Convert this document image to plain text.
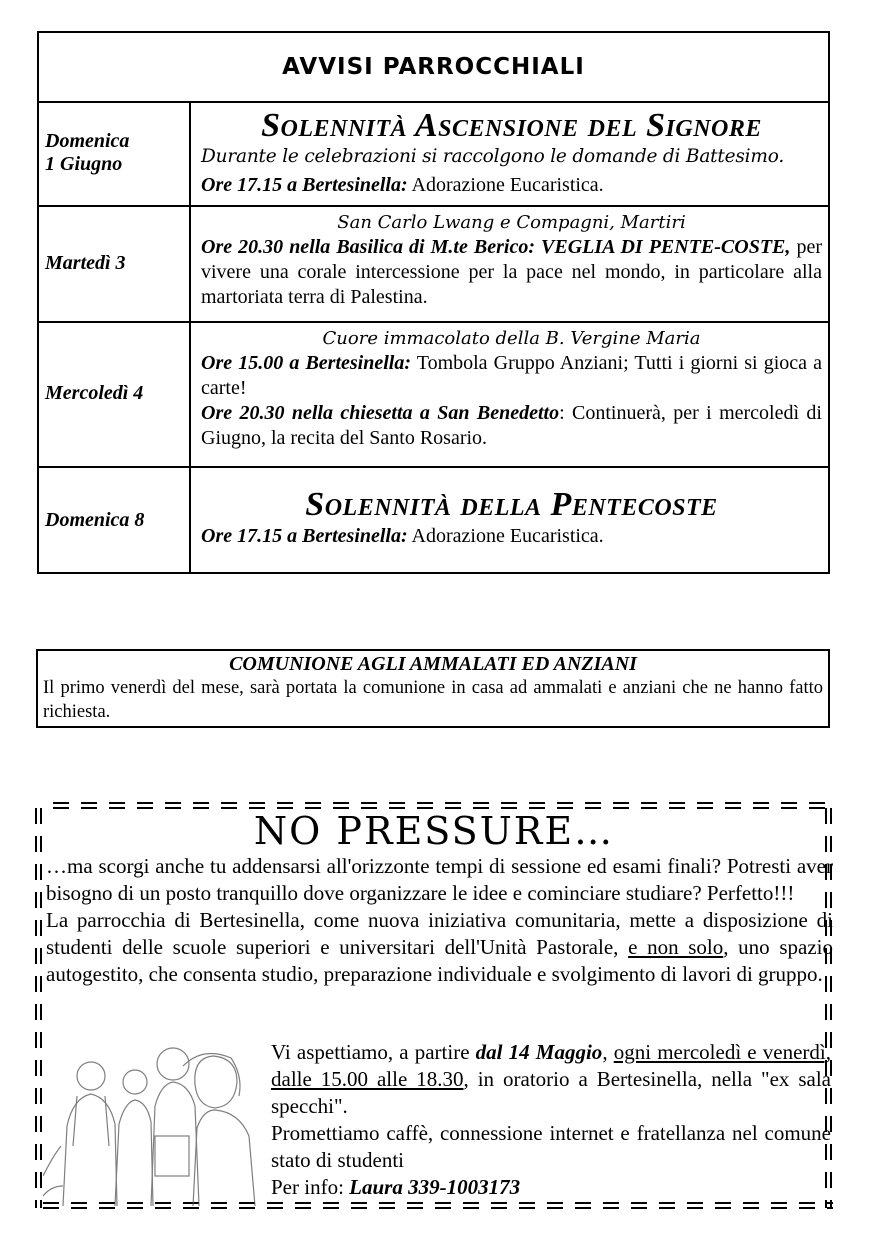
AVVISI PARROCCHIALI
Domenica
1 Giugno
Solennità Ascensione del Signore
Durante le celebrazioni si raccolgono le domande di Battesimo.
Ore 17.15 a Bertesinella: Adorazione Eucaristica.
Martedì 3
San Carlo Lwang e Compagni, Martiri
Ore 20.30 nella Basilica di M.te Berico: VEGLIA DI PENTE-COSTE, per vivere una corale intercessione per la pace nel mondo, in particolare alla martoriata terra di Palestina.
Mercoledì 4
Cuore immacolato della B. Vergine Maria
Ore 15.00 a Bertesinella: Tombola Gruppo Anziani; Tutti i giorni si gioca a carte!
Ore 20.30 nella chiesetta a San Benedetto: Continuerà, per i mercoledì di Giugno, la recita del Santo Rosario.
Domenica 8	Solennità della Pentecoste
Ore 17.15 a Bertesinella: Adorazione Eucaristica.
COMUNIONE AGLI AMMALATI ED ANZIANI
Il primo venerdì del mese, sarà portata la comunione in casa ad ammalati e anziani che ne hanno fatto richiesta.
NO PRESSURE…
…ma scorgi anche tu addensarsi all'orizzonte tempi di sessione ed esami finali? Potresti aver bisogno di un posto tranquillo dove organizzare le idee e cominciare studiare? Perfetto!!!
La parrocchia di Bertesinella, come nuova iniziativa comunitaria, mette a disposizione di studenti delle scuole superiori e universitari dell'Unità Pastorale, e non solo, uno spazio autogestito, che consenta studio, preparazione individuale e svolgimento di lavori di gruppo.
Vi aspettiamo, a partire dal 14 Maggio, ogni mercoledì e venerdì, dalle 15.00 alle 18.30, in oratorio a Bertesinella, nella "ex sala specchi".
Promettiamo caffè, connessione internet e fratellanza nel comune stato di studenti
Per info: Laura 339-1003173
